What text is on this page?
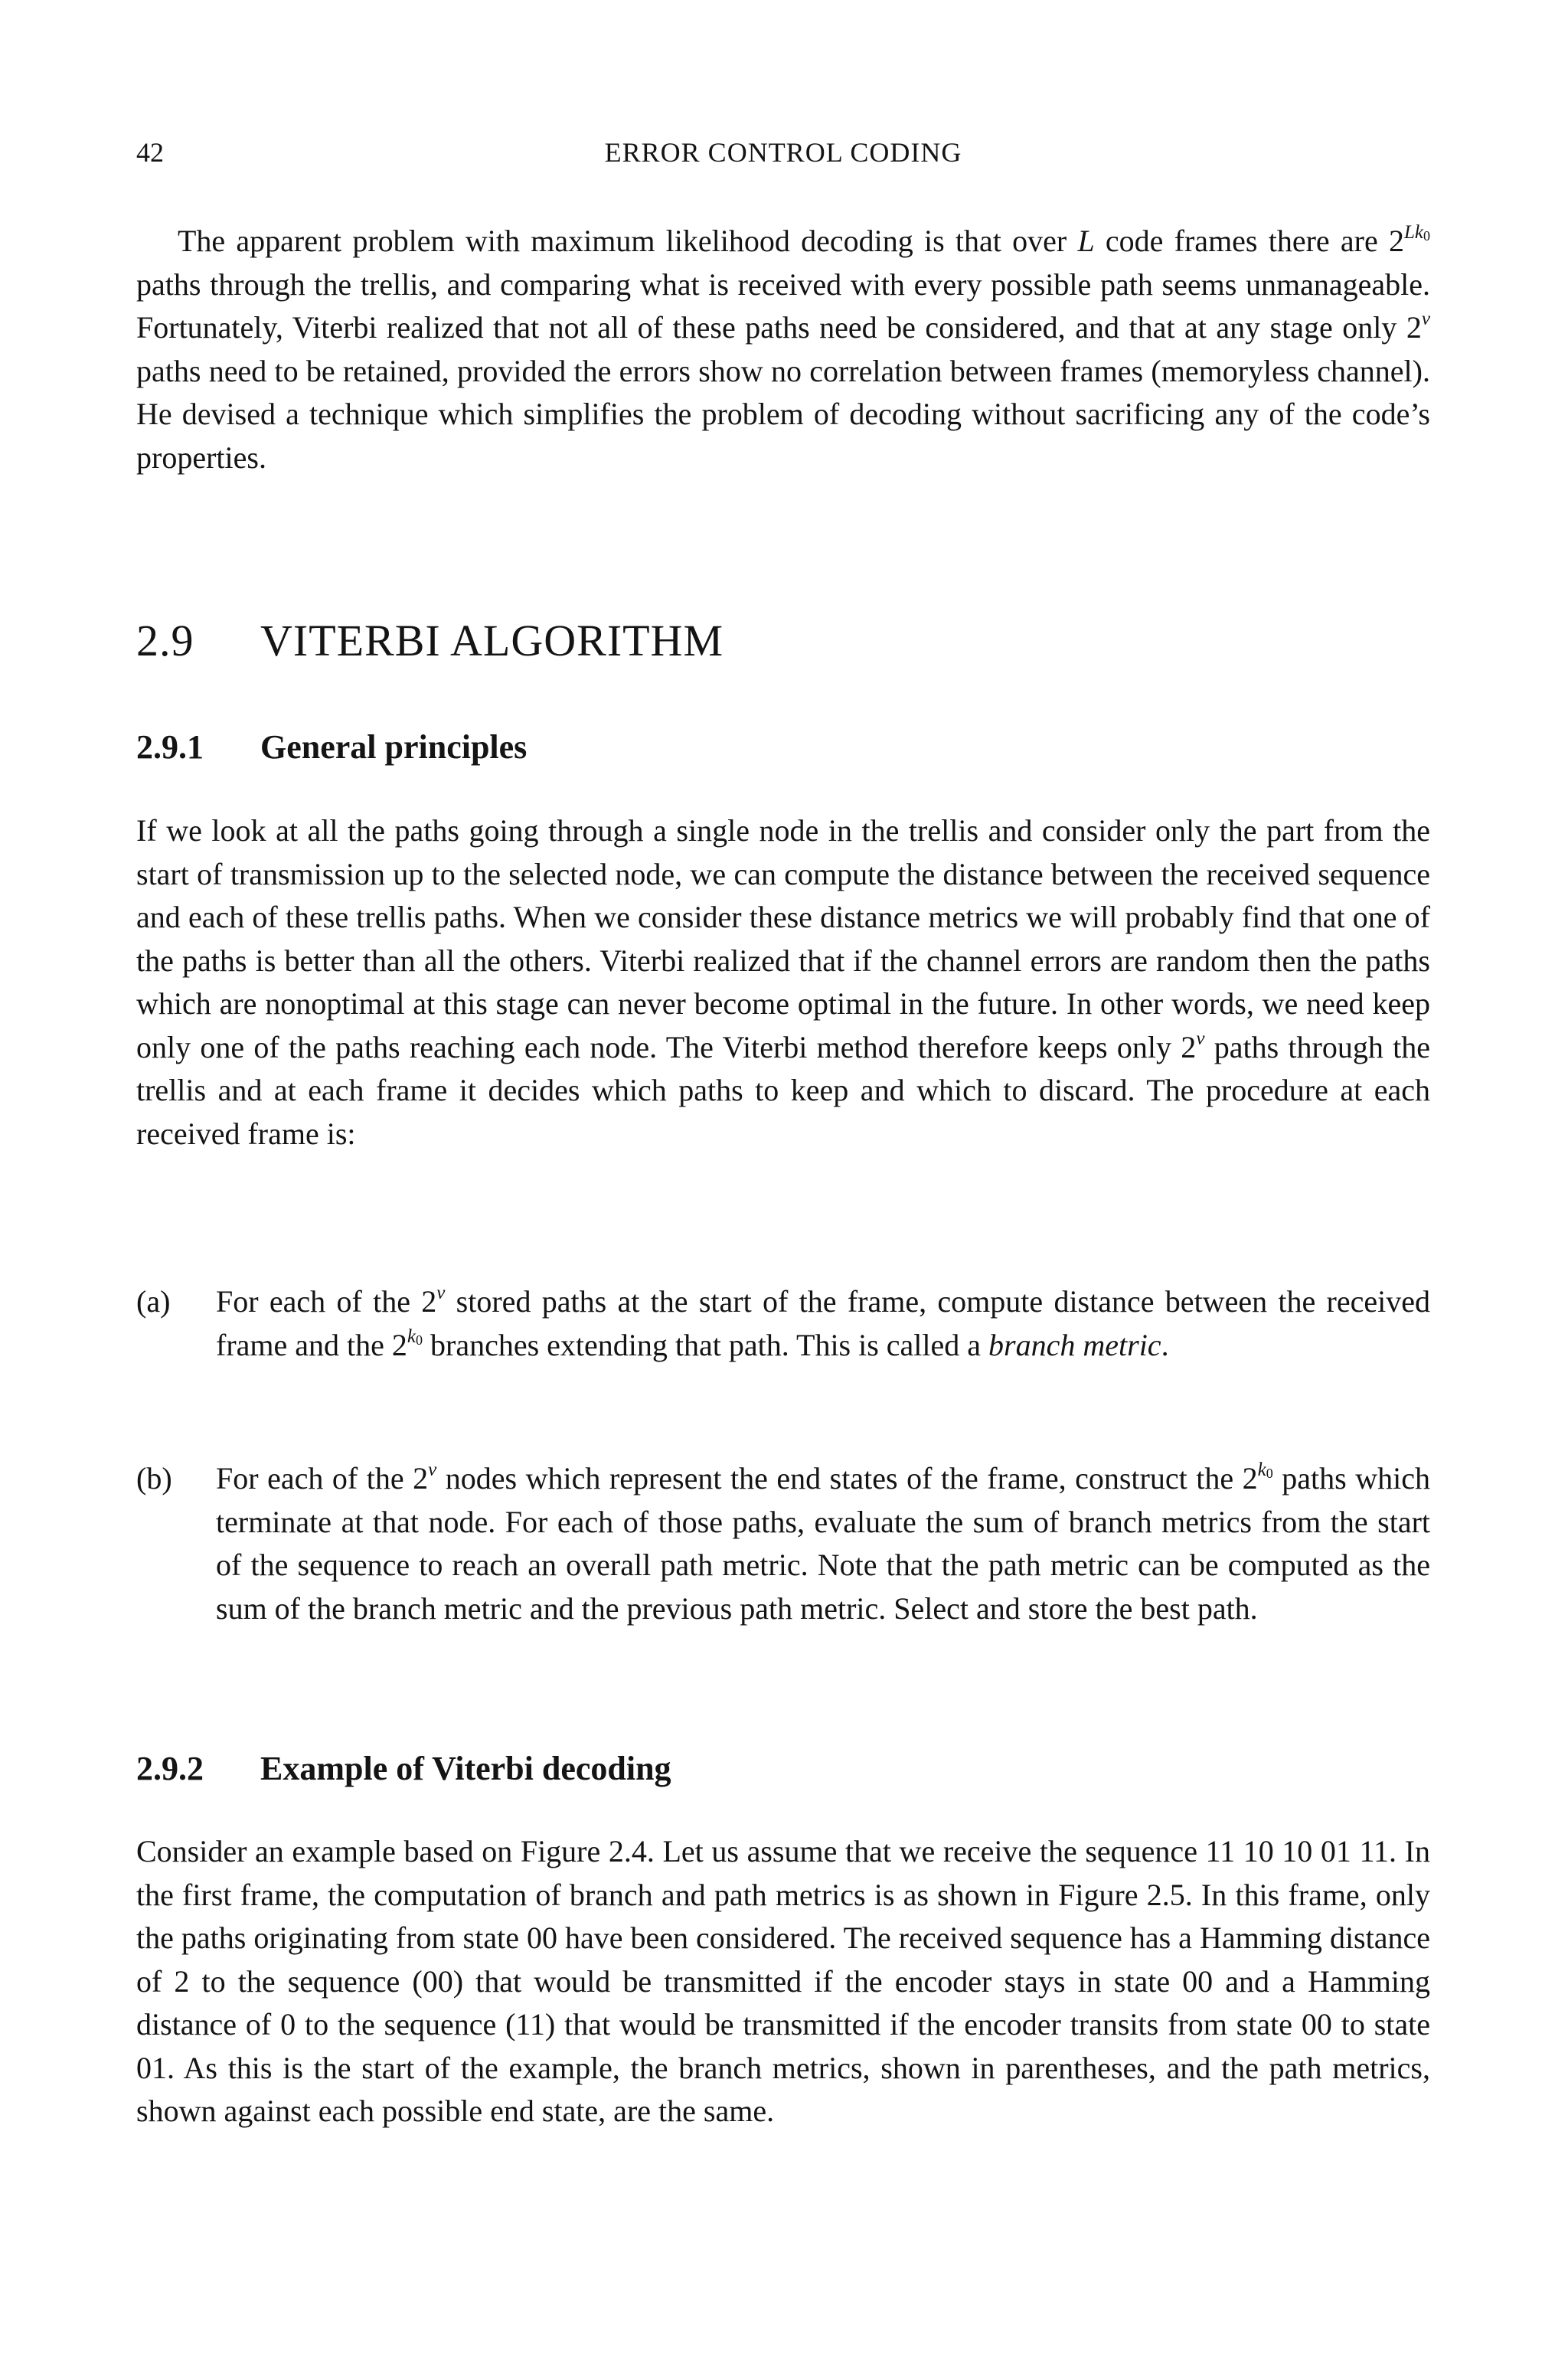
42	ERROR CONTROL CODING

The apparent problem with maximum likelihood decoding is that over L code frames there are $2^{Lk_0}$ paths through the trellis, and comparing what is received with every possible path seems unmanageable. Fortunately, Viterbi realized that not all of these paths need be considered, and that at any stage only $2^\nu$ paths need to be retained, provided the errors show no correlation between frames (memoryless channel). He devised a technique which simplifies the problem of decoding without sacrificing any of the code’s properties.

2.9 VITERBI ALGORITHM
2.9.1 General principles

If we look at all the paths going through a single node in the trellis and consider only the part from the start of transmission up to the selected node, we can compute the distance between the received sequence and each of these trellis paths. When we consider these distance metrics we will probably find that one of the paths is better than all the others. Viterbi realized that if the channel errors are random then the paths which are nonoptimal at this stage can never become optimal in the future. In other words, we need keep only one of the paths reaching each node. The Viterbi method therefore keeps only $2^\nu$ paths through the trellis and at each frame it decides which paths to keep and which to discard. The procedure at each received frame is:

(a) For each of the $2^\nu$ stored paths at the start of the frame, compute distance between the received frame and the $2^{k_0}$ branches extending that path. This is called a branch metric.

(b) For each of the $2^\nu$ nodes which represent the end states of the frame, construct the $2^{k_0}$ paths which terminate at that node. For each of those paths, evaluate the sum of branch metrics from the start of the sequence to reach an overall path metric. Note that the path metric can be computed as the sum of the branch metric and the previous path metric. Select and store the best path.

2.9.2 Example of Viterbi decoding

Consider an example based on Figure 2.4. Let us assume that we receive the sequence 11 10 10 01 11. In the first frame, the computation of branch and path metrics is as shown in Figure 2.5. In this frame, only the paths originating from state 00 have been considered. The received sequence has a Hamming distance of 2 to the sequence (00) that would be transmitted if the encoder stays in state 00 and a Hamming distance of 0 to the sequence (11) that would be transmitted if the encoder transits from state 00 to state 01. As this is the start of the example, the branch metrics, shown in parentheses, and the path metrics, shown against each possible end state, are the same.
